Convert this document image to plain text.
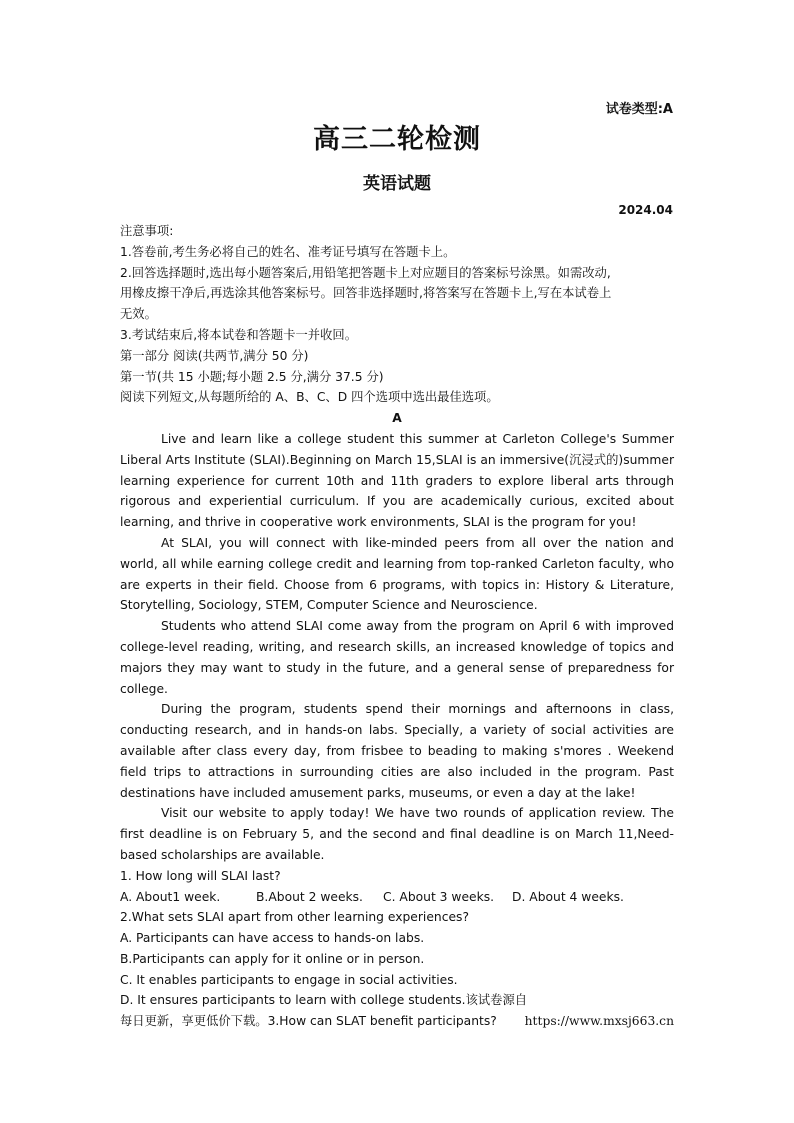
试卷类型:A
高三二轮检测
英语试题
2024.04
注意事项:
1.答卷前,考生务必将自己的姓名、准考证号填写在答题卡上。
2.回答选择题时,选出每小题答案后,用铅笔把答题卡上对应题目的答案标号涂黑。如需改动,
用橡皮擦干净后,再选涂其他答案标号。回答非选择题时,将答案写在答题卡上,写在本试卷上
无效。
3.考试结束后,将本试卷和答题卡一并收回。
第一部分 阅读(共两节,满分 50 分)
第一节(共 15 小题;每小题 2.5 分,满分 37.5 分)
阅读下列短文,从每题所给的 A、B、C、D 四个选项中选出最佳选项。
A

Live and learn like a college student this summer at Carleton College's Summer Liberal Arts Institute (SLAI).Beginning on March 15,SLAI is an immersive(沉浸式的)summer learning experience for current 10th and 11th graders to explore liberal arts through rigorous and experiential curriculum. If you are academically curious, excited about learning, and thrive in cooperative work environments, SLAI is the program for you!

At SLAI, you will connect with like-minded peers from all over the nation and world, all while earning college credit and learning from top-ranked Carleton faculty, who are experts in their field. Choose from 6 programs, with topics in: History & Literature, Storytelling, Sociology, STEM, Computer Science and Neuroscience.

Students who attend SLAI come away from the program on April 6 with improved college-level reading, writing, and research skills, an increased knowledge of topics and majors they may want to study in the future, and a general sense of preparedness for college.

During the program, students spend their mornings and afternoons in class, conducting research, and in hands-on labs. Specially, a variety of social activities are available after class every day, from frisbee to beading to making s'mores . Weekend field trips to attractions in surrounding cities are also included in the program. Past destinations have included amusement parks, museums, or even a day at the lake!

Visit our website to apply today! We have two rounds of application review. The first deadline is on February 5, and the second and final deadline is on March 11,Need-based scholarships are available.

1. How long will SLAI last?
A. About1 week.	B.About 2 weeks.	C. About 3 weeks.	D. About 4 weeks.
2.What sets SLAI apart from other learning experiences?
A. Participants can have access to hands-on labs.
B.Participants can apply for it online or in person.
C. It enables participants to engage in social activities.
D. It ensures participants to learn with college students.该试卷源自
https://www.mxsj663.cn
每日更新，享更低价下载。3.How can SLAT benefit participants?
